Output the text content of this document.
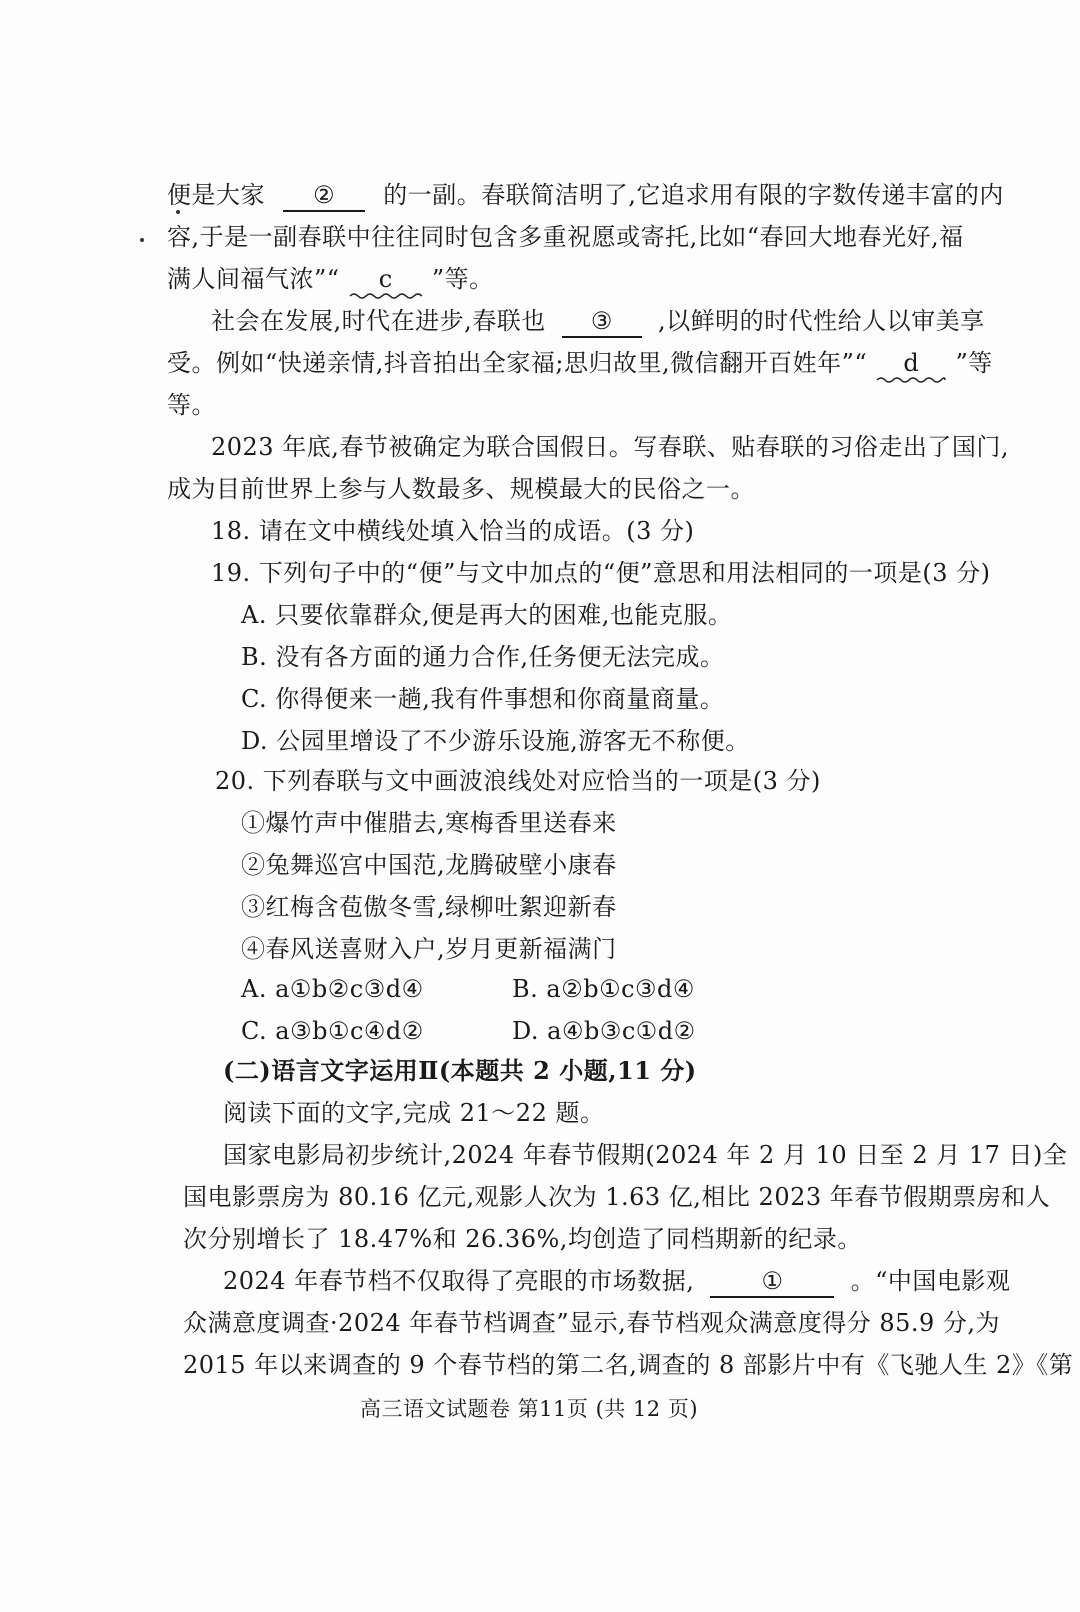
便是大家 ② 的一副。春联简洁明了,它追求用有限的字数传递丰富的内
容,于是一副春联中往往同时包含多重祝愿或寄托,比如“春回大地春光好,福
满人间福气浓”“ c ”等。
社会在发展,时代在进步,春联也 ③ ,以鲜明的时代性给人以审美享
受。例如“快递亲情,抖音拍出全家福;思归故里,微信翻开百姓年”“ d ”等
等。
2023 年底,春节被确定为联合国假日。写春联、贴春联的习俗走出了国门,
成为目前世界上参与人数最多、规模最大的民俗之一。
18. 请在文中横线处填入恰当的成语。(3 分)
19. 下列句子中的“便”与文中加点的“便”意思和用法相同的一项是(3 分)
A. 只要依靠群众,便是再大的困难,也能克服。
B. 没有各方面的通力合作,任务便无法完成。
C. 你得便来一趟,我有件事想和你商量商量。
D. 公园里增设了不少游乐设施,游客无不称便。
20. 下列春联与文中画波浪线处对应恰当的一项是(3 分)
①爆竹声中催腊去,寒梅香里送春来
②兔舞巡宫中国范,龙腾破壁小康春
③红梅含苞傲冬雪,绿柳吐絮迎新春
④春风送喜财入户,岁月更新福满门
A. a①b②c③d④	B. a②b①c③d④
C. a③b①c④d②	D. a④b③c①d②
(二)语言文字运用Ⅱ(本题共 2 小题,11 分)
阅读下面的文字,完成 21～22 题。
国家电影局初步统计,2024 年春节假期(2024 年 2 月 10 日至 2 月 17 日)全
国电影票房为 80.16 亿元,观影人次为 1.63 亿,相比 2023 年春节假期票房和人
次分别增长了 18.47%和 26.36%,均创造了同档期新的纪录。
2024 年春节档不仅取得了亮眼的市场数据,	①	。“中国电影观
众满意度调查·2024 年春节档调查”显示,春节档观众满意度得分 85.9 分,为
2015 年以来调查的 9 个春节档的第二名,调查的 8 部影片中有《飞驰人生 2》《第
高三语文试题卷 第11页 (共 12 页)
